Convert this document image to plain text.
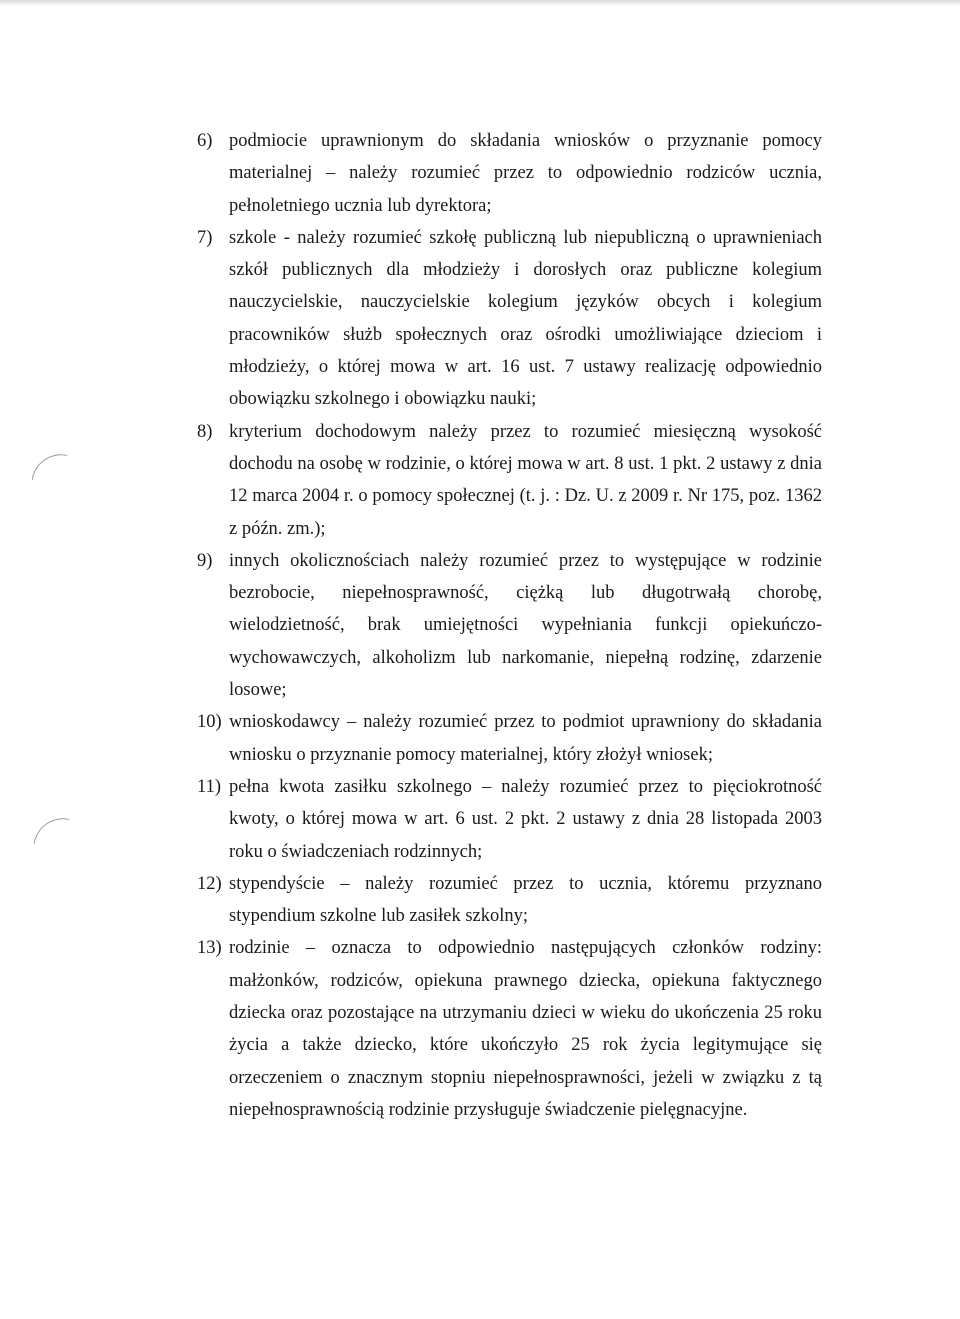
6) podmiocie uprawnionym do składania wniosków o przyznanie pomocy materialnej – należy rozumieć przez to odpowiednio rodziców ucznia, pełnoletniego ucznia lub dyrektora;
7) szkole - należy rozumieć szkołę publiczną lub niepubliczną o uprawnieniach szkół publicznych dla młodzieży i dorosłych oraz publiczne kolegium nauczycielskie, nauczycielskie kolegium języków obcych i kolegium pracowników służb społecznych oraz ośrodki umożliwiające dzieciom i młodzieży, o której mowa w art. 16 ust. 7 ustawy realizację odpowiednio obowiązku szkolnego i obowiązku nauki;
8) kryterium dochodowym należy przez to rozumieć miesięczną wysokość dochodu na osobę w rodzinie, o której mowa w art. 8 ust. 1 pkt. 2 ustawy z dnia 12 marca 2004 r. o pomocy społecznej (t. j. : Dz. U. z 2009 r. Nr 175, poz. 1362 z późn. zm.);
9) innych okolicznościach należy rozumieć przez to występujące w rodzinie bezrobocie, niepełnosprawność, ciężką lub długotrwałą chorobę, wielodzietność, brak umiejętności wypełniania funkcji opiekuńczo-wychowawczych, alkoholizm lub narkomanie, niepełną rodzinę, zdarzenie losowe;
10) wnioskodawcy – należy rozumieć przez to podmiot uprawniony do składania wniosku o przyznanie pomocy materialnej, który złożył wniosek;
11) pełna kwota zasiłku szkolnego – należy rozumieć przez to pięciokrotność kwoty, o której mowa w art. 6 ust. 2 pkt. 2 ustawy z dnia 28 listopada 2003 roku o świadczeniach rodzinnych;
12) stypendyście – należy rozumieć przez to ucznia, któremu przyznano stypendium szkolne lub zasiłek szkolny;
13) rodzinie – oznacza to odpowiednio następujących członków rodziny: małżonków, rodziców, opiekuna prawnego dziecka, opiekuna faktycznego dziecka oraz pozostające na utrzymaniu dzieci w wieku do ukończenia 25 roku życia a także dziecko, które ukończyło 25 rok życia legitymujące się orzeczeniem o znacznym stopniu niepełnosprawności, jeżeli w związku z tą niepełnosprawnością rodzinie przysługuje świadczenie pielęgnacyjne.
